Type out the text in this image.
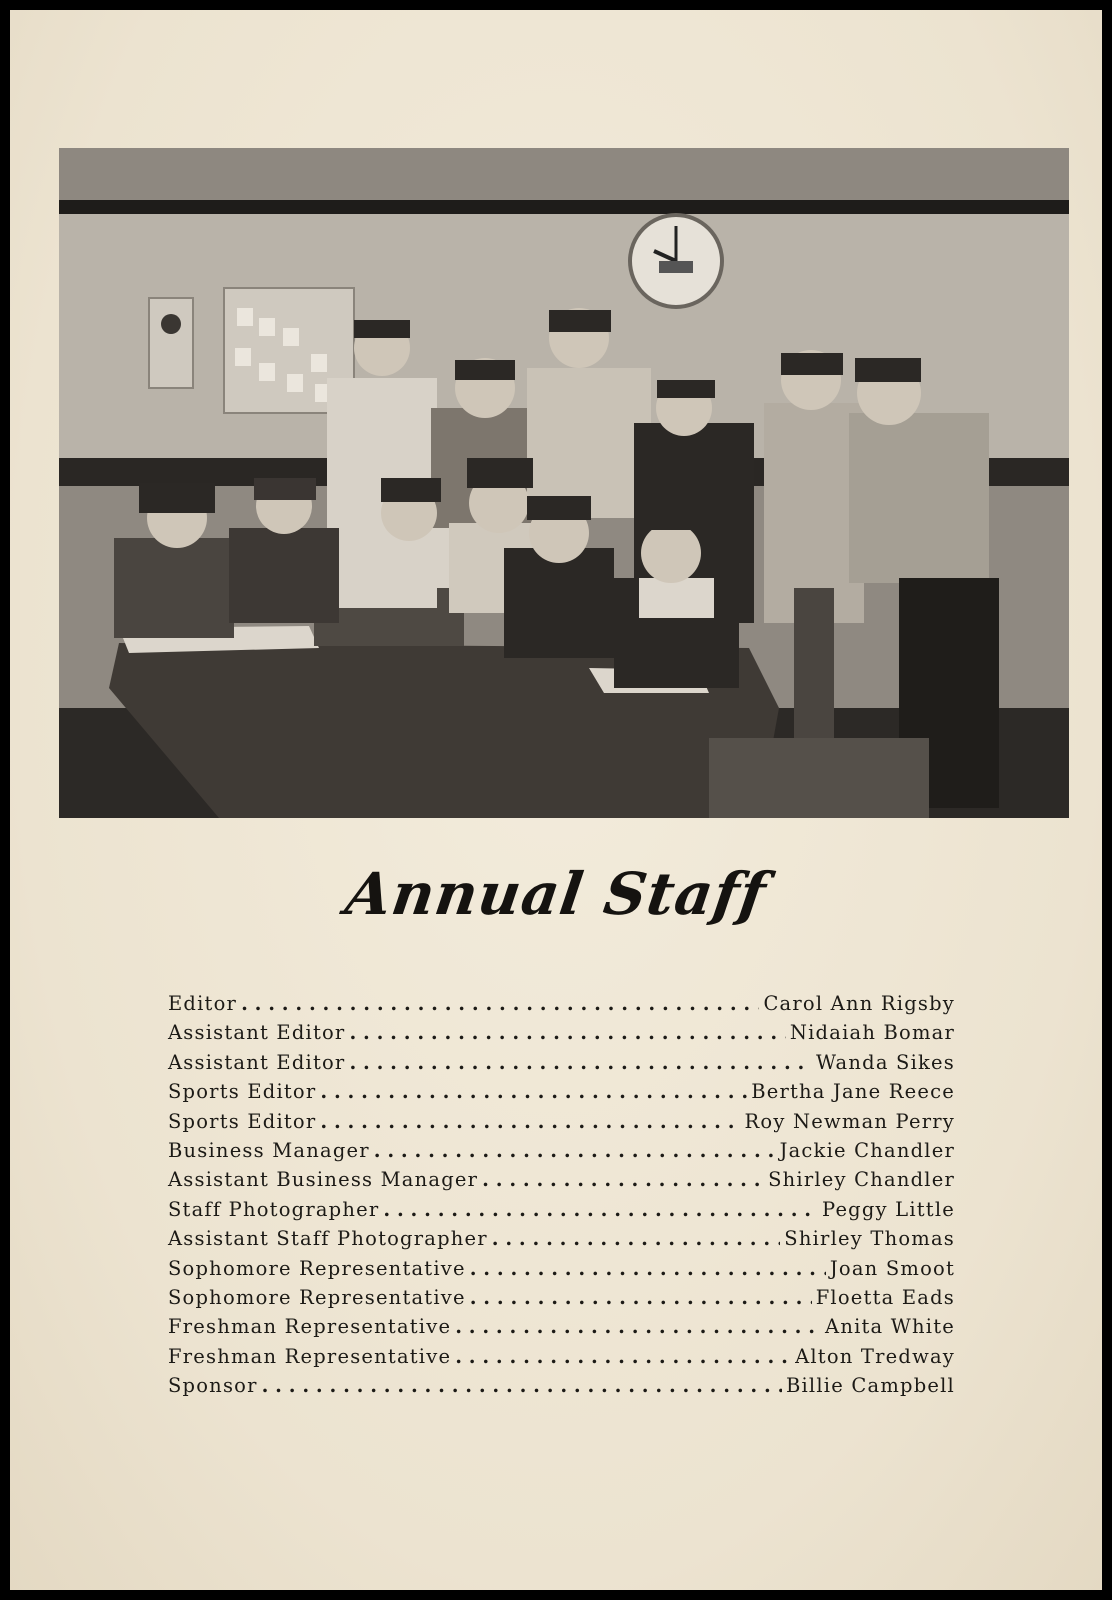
Annual Staff
Editor . . .	Carol Ann Rigsby
Assistant Editor . . .	Nidaiah Bomar
Assistant Editor . . .	Wanda Sikes
Sports Editor . . .	Bertha Jane Reece
Sports Editor . . .	Roy Newman Perry
Business Manager . . .	Jackie Chandler
Assistant Business Manager . . .	Shirley Chandler
Staff Photographer . . .	Peggy Little
Assistant Staff Photographer . . .	Shirley Thomas
Sophomore Representative . . .	Joan Smoot
Sophomore Representative . . .	Floetta Eads
Freshman Representative . . .	Anita White
Freshman Representative . . .	Alton Tredway
Sponsor . . .	Billie Campbell
